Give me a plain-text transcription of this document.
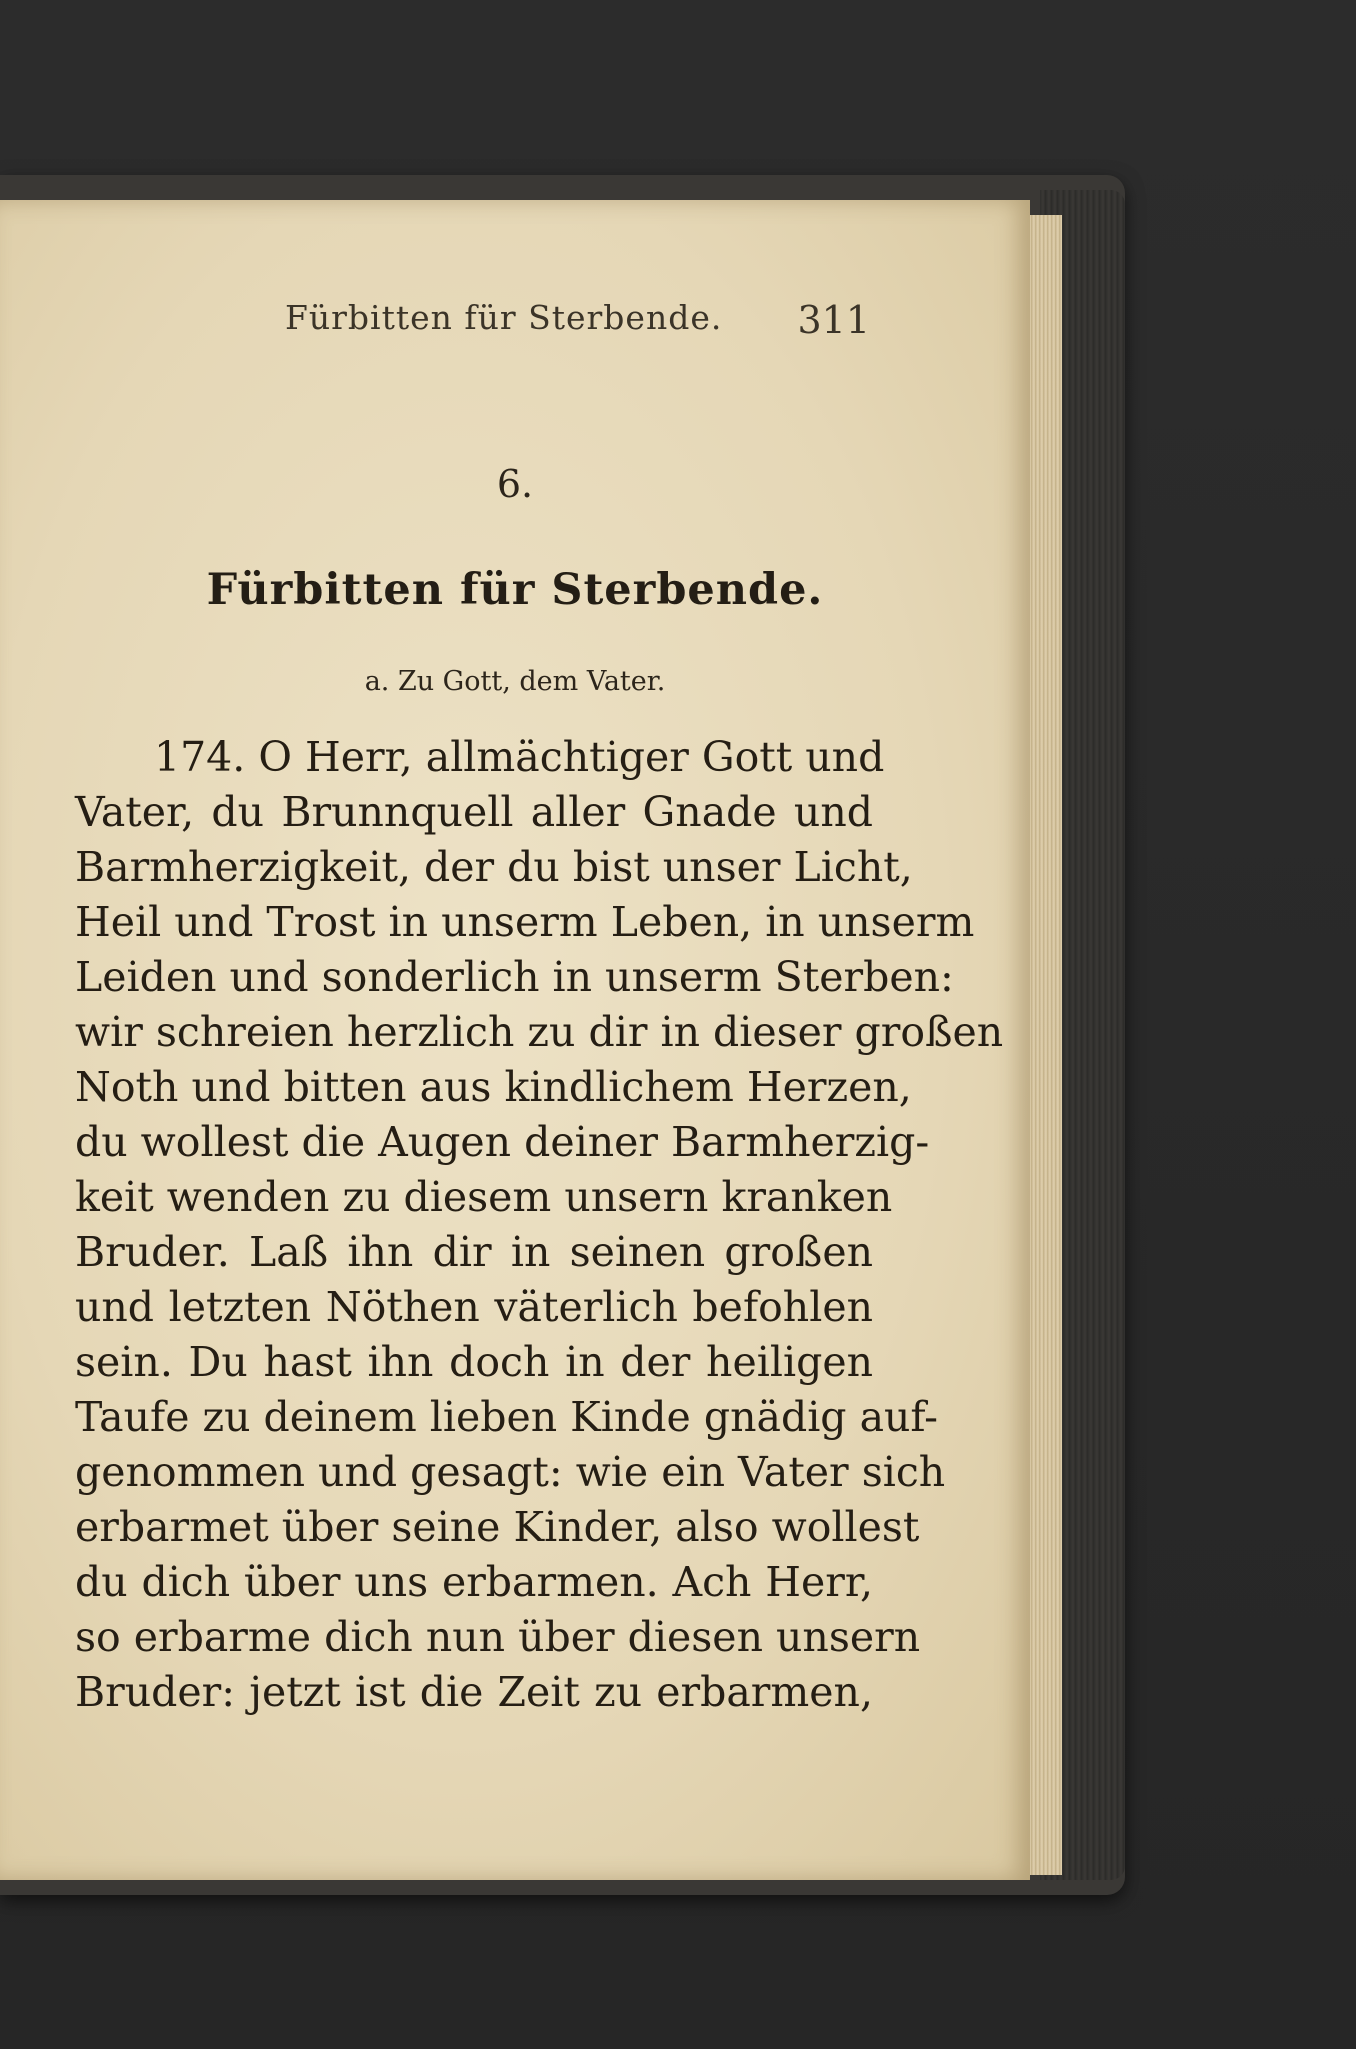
Fürbitten für Sterbende. 311
6.
Fürbitten für Sterbende.
a. Zu Gott, dem Vater.
174. O Herr, allmächtiger Gott und
Vater, du Brunnquell aller Gnade und
Barmherzigkeit, der du bist unser Licht,
Heil und Trost in unserm Leben, in unserm
Leiden und sonderlich in unserm Sterben:
wir schreien herzlich zu dir in dieser großen
Noth und bitten aus kindlichem Herzen,
du wollest die Augen deiner Barmherzig-
keit wenden zu diesem unsern kranken
Bruder. Laß ihn dir in seinen großen
und letzten Nöthen väterlich befohlen
sein. Du hast ihn doch in der heiligen
Taufe zu deinem lieben Kinde gnädig auf-
genommen und gesagt: wie ein Vater sich
erbarmet über seine Kinder, also wollest
du dich über uns erbarmen. Ach Herr,
so erbarme dich nun über diesen unsern
Bruder: jetzt ist die Zeit zu erbarmen,
